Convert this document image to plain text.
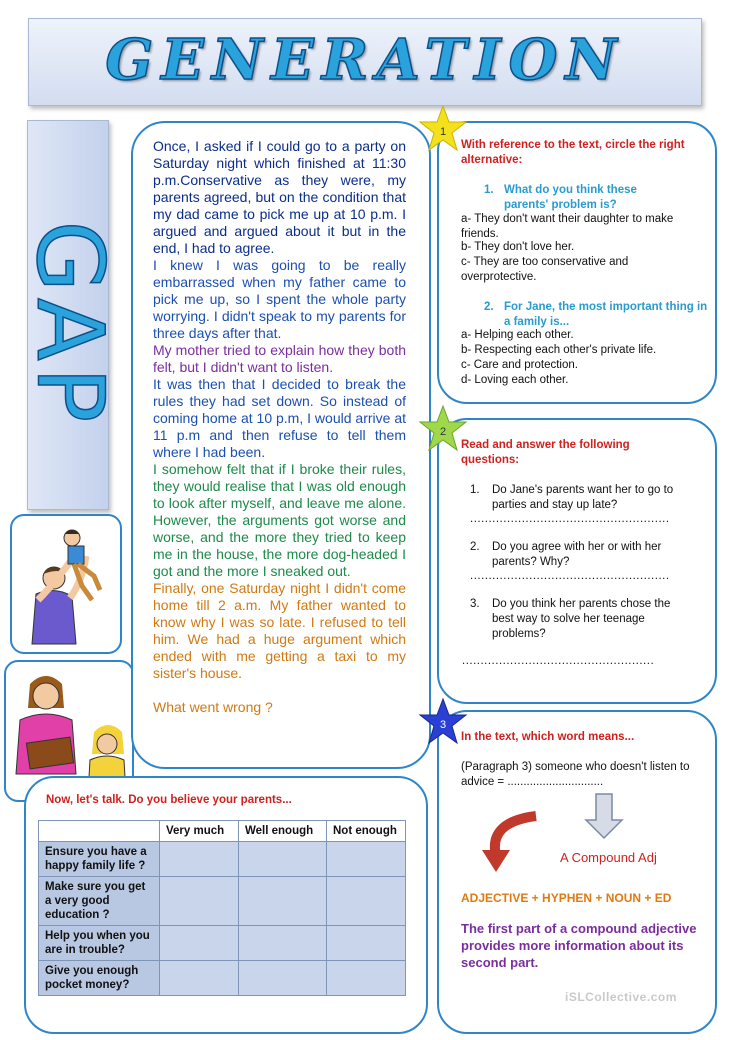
GENERATION
GAP

Once, I asked if I could go to a party on Saturday night which finished at 11:30 p.m.Conservative as they were, my parents agreed, but on the condition that my dad came to pick me up at 10 p.m. I argued and argued about it but in the end, I had to agree.

I knew I was going to be really embarrassed when my father came to pick me up, so I spent the whole party worrying. I didn't speak to my parents for three days after that.

My mother tried to explain how they both felt, but I didn't want to listen.

It was then that I decided to break the rules they had set down. So instead of coming home at 10 p.m, I would arrive at 11 p.m and then refuse to tell them where I had been.

I somehow felt that if I broke their rules, they would realise that I was old enough to look after myself, and leave me alone. However, the arguments got worse and worse, and the more they tried to keep me in the house, the more dog-headed I got and the more I sneaked out.

Finally, one Saturday night I didn't come home till 2 a.m. My father wanted to know why I was so late. I refused to tell him. We had a huge argument which ended with me getting a taxi to my sister's house.

What went wrong ?

With reference to the text, circle the right alternative:
1. What do you think these parents' problem is?
a- They don't want their daughter to make friends.
b- They don't love her.
c- They are too conservative and overprotective.
2. For Jane, the most important thing in a family is...
a- Helping each other.
b- Respecting each other's private life.
c- Care and protection.
d- Loving each other.
Read and answer the following questions:
1. Do Jane's parents want her to go to parties and stay up late?
......................................................
2. Do you agree with her or with her parents? Why?
......................................................
3. Do you think her parents chose the best way to solve her teenage problems?
....................................................
In the text, which word means...
(Paragraph 3) someone who doesn't listen to advice = ..............................
A Compound Adj
ADJECTIVE + HYPHEN + NOUN + ED
The first part of a compound adjective provides more information about its second part.
iSLCollective.com
1
2
3
Now, let's talk. Do you believe your parents...
	Very much	Well enough	Not enough
Ensure you have a happy family life ?			
Make sure you get a very good education ?			
Help you when you are in trouble?			
Give you enough pocket money?			
